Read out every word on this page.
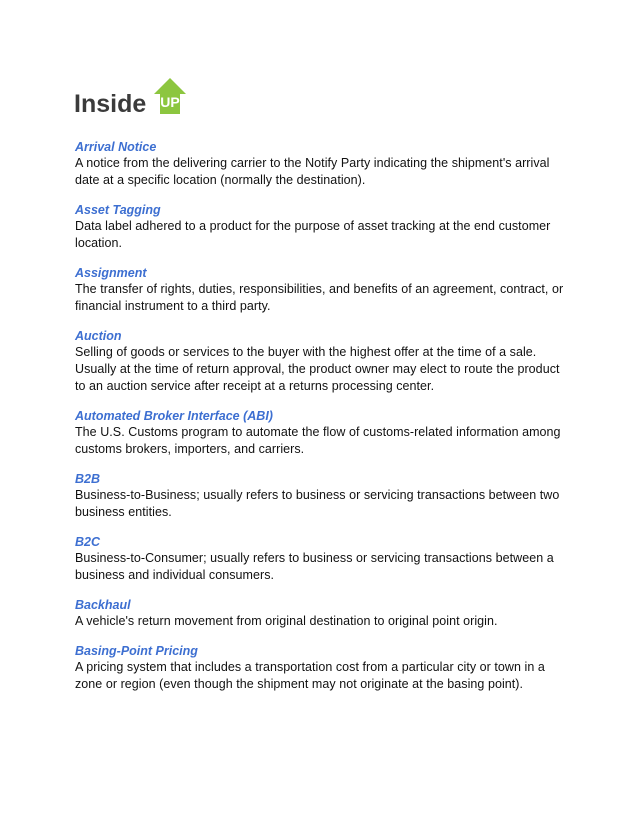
UP
Inside
Arrival Notice
A notice from the delivering carrier to the Notify Party indicating the shipment's arrival date at a specific location (normally the destination).
Asset Tagging
Data label adhered to a product for the purpose of asset tracking at the end customer location.
Assignment
The transfer of rights, duties, responsibilities, and benefits of an agreement, contract, or financial instrument to a third party.
Auction
Selling of goods or services to the buyer with the highest offer at the time of a sale. Usually at the time of return approval, the product owner may elect to route the product to an auction service after receipt at a returns processing center.
Automated Broker Interface (ABI)
The U.S. Customs program to automate the flow of customs-related information among customs brokers, importers, and carriers.
B2B
Business-to-Business; usually refers to business or servicing transactions between two business entities.
B2C
Business-to-Consumer; usually refers to business or servicing transactions between a business and individual consumers.
Backhaul
A vehicle's return movement from original destination to original point origin.
Basing-Point Pricing
A pricing system that includes a transportation cost from a particular city or town in a zone or region (even though the shipment may not originate at the basing point).
